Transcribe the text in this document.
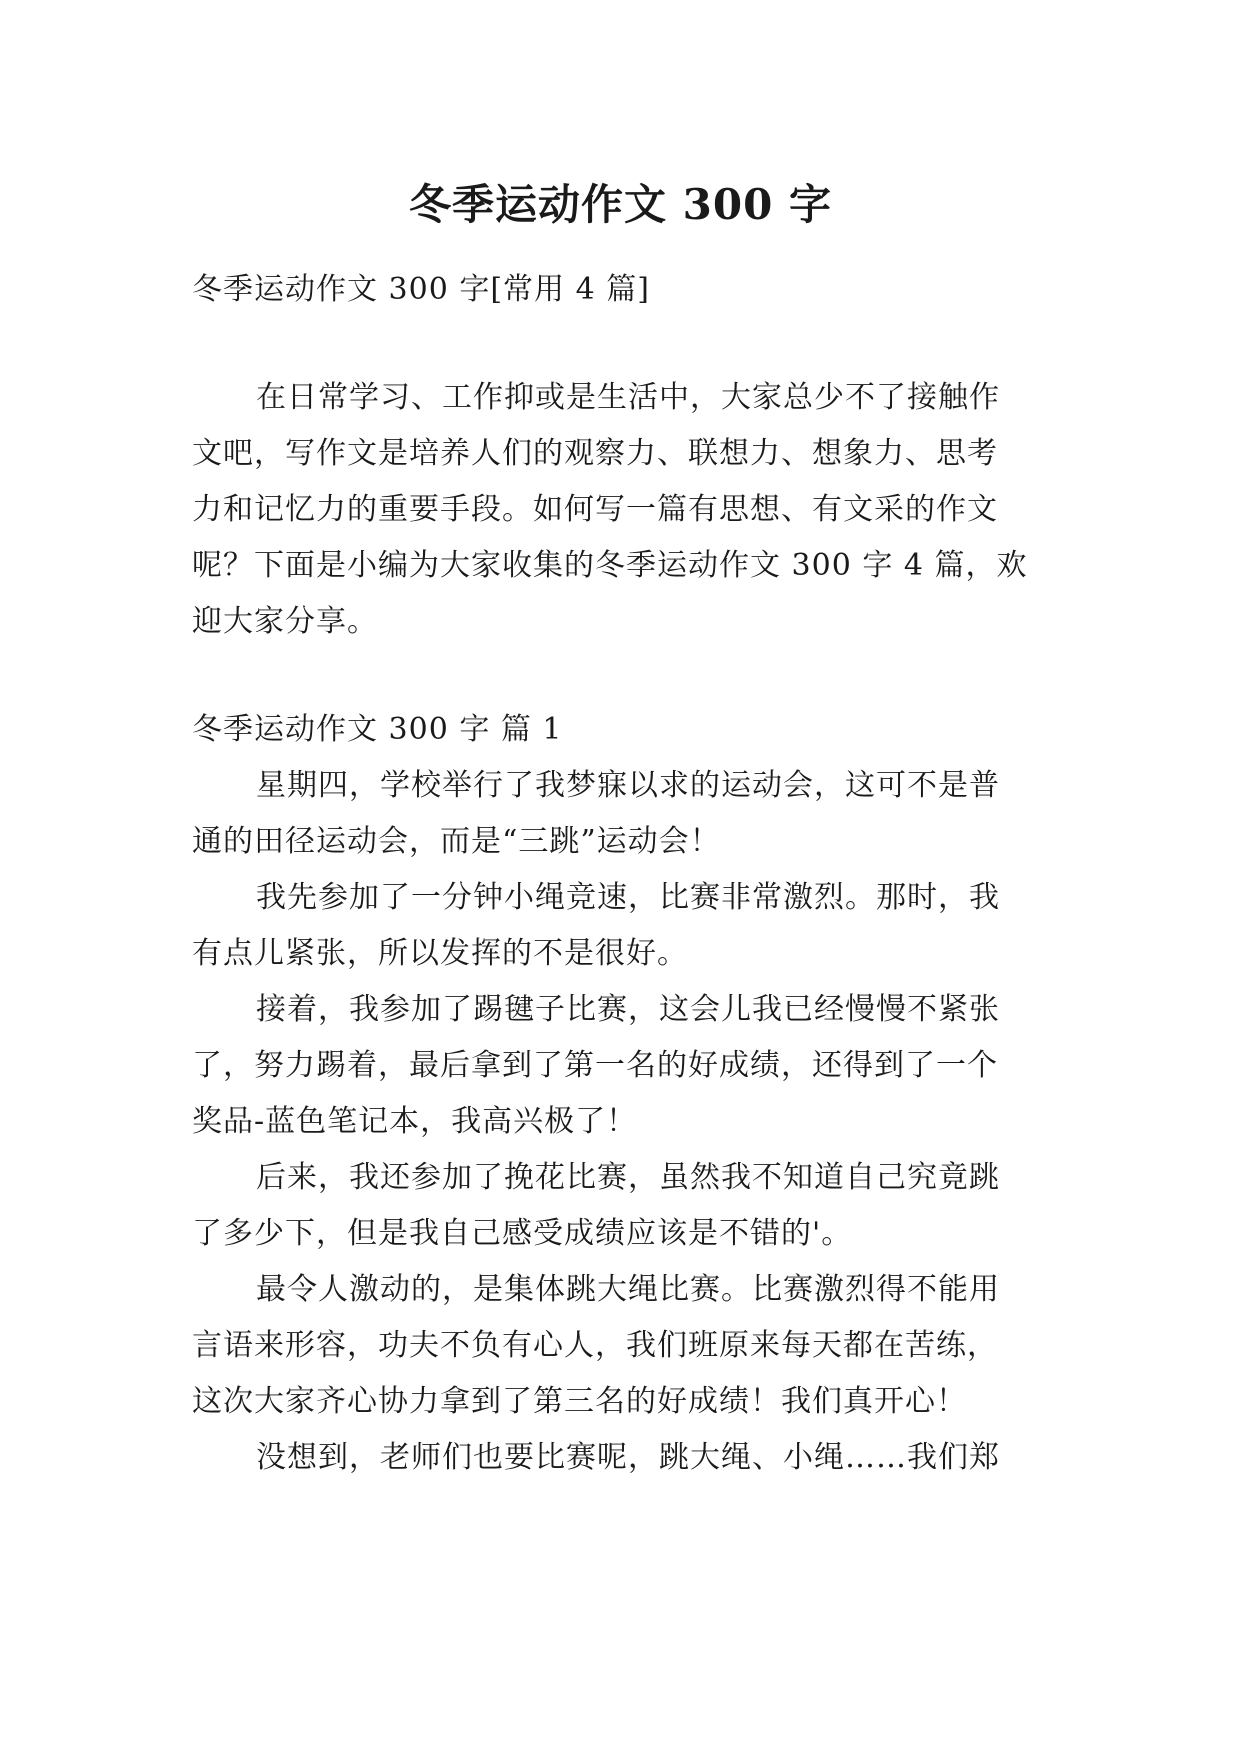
冬季运动作文 300 字
冬季运动作文 300 字[常用 4 篇]
在日常学习、工作抑或是生活中，大家总少不了接触作
文吧，写作文是培养人们的观察力、联想力、想象力、思考
力和记忆力的重要手段。如何写一篇有思想、有文采的作文
呢？下面是小编为大家收集的冬季运动作文 300 字 4 篇，欢
迎大家分享。
冬季运动作文 300 字 篇 1
星期四，学校举行了我梦寐以求的运动会，这可不是普
通的田径运动会，而是“三跳”运动会！
我先参加了一分钟小绳竞速，比赛非常激烈。那时，我
有点儿紧张，所以发挥的不是很好。
接着，我参加了踢毽子比赛，这会儿我已经慢慢不紧张
了，努力踢着，最后拿到了第一名的好成绩，还得到了一个
奖品-蓝色笔记本，我高兴极了！
后来，我还参加了挽花比赛，虽然我不知道自己究竟跳
了多少下，但是我自己感受成绩应该是不错的'。
最令人激动的，是集体跳大绳比赛。比赛激烈得不能用
言语来形容，功夫不负有心人，我们班原来每天都在苦练，
这次大家齐心协力拿到了第三名的好成绩！我们真开心！
没想到，老师们也要比赛呢，跳大绳、小绳……我们郑
